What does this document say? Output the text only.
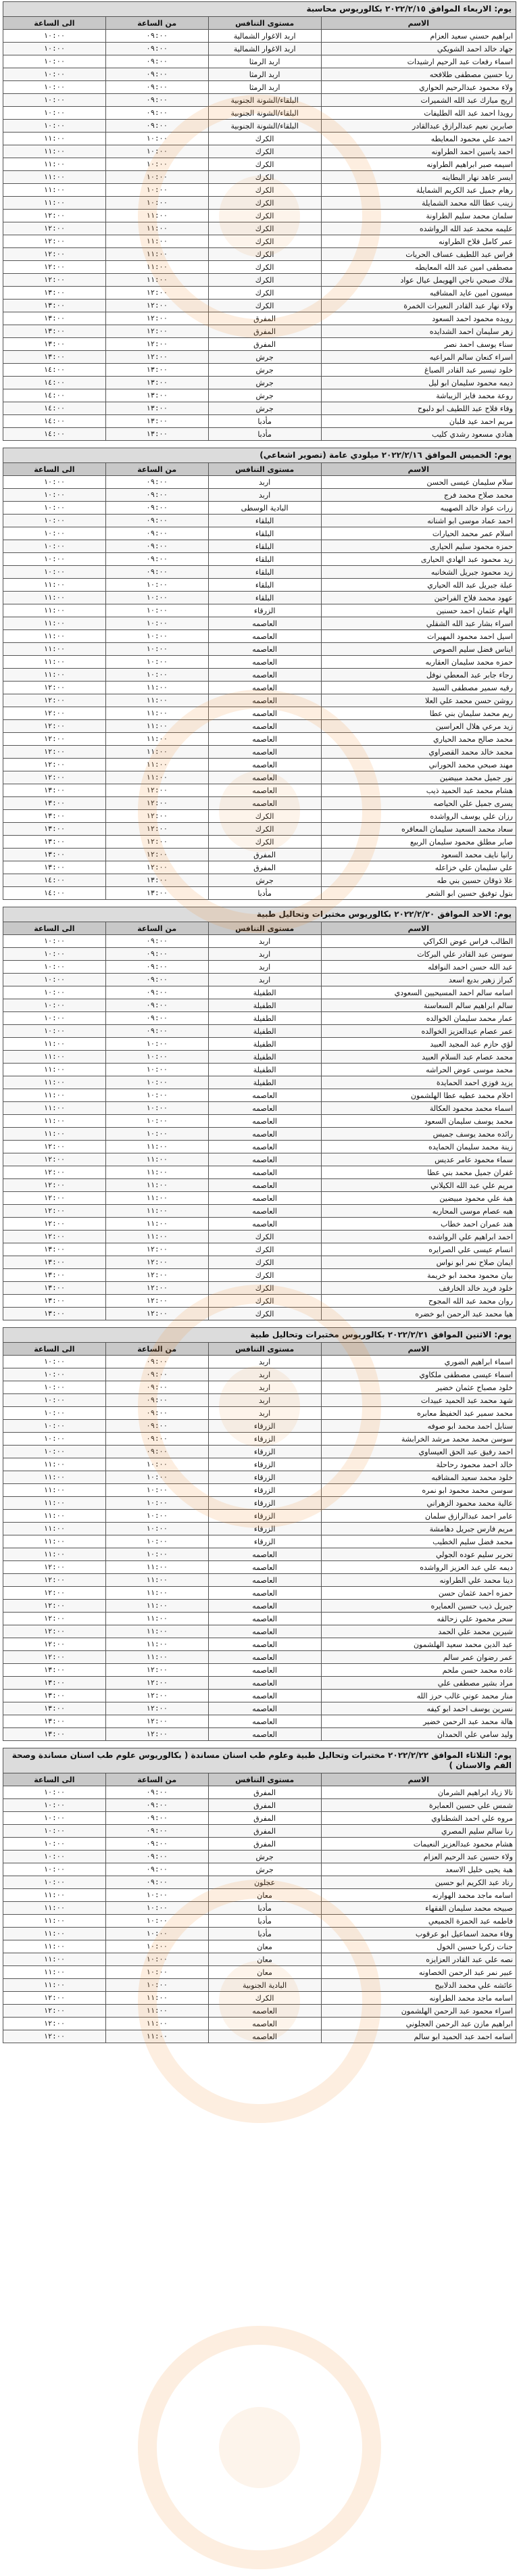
يوم: الاربعاء الموافق ٢٠٢٢/٢/١٥ بكالوريوس محاسبة
الاسم	مستوى التنافس	من الساعة	الى الساعة
ابراهيم حسني سعيد العزام	اربد الاغوار الشمالية	٠٩:٠٠	١٠:٠٠
جهاد خالد احمد الشويكي	اربد الاغوار الشمالية	٠٩:٠٠	١٠:٠٠
اسماء رفعات عبد الرحيم ارشيدات	اربد الرمثا	٠٩:٠٠	١٠:٠٠
ربا حسين مصطفى طلافحه	اربد الرمثا	٠٩:٠٠	١٠:٠٠
ولاء محمود عبدالرحيم الحواري	اربد الرمثا	٠٩:٠٠	١٠:٠٠
اريج مبارك عبد الله الشميرات	البلقاء/الشونة الجنوبية	٠٩:٠٠	١٠:٠٠
رويدا احمد عبد الله الطليفات	البلقاء/الشونة الجنوبية	٠٩:٠٠	١٠:٠٠
صابرين نعيم عبدالرازق عبدالقادر	البلقاء/الشونة الجنوبية	٠٩:٠٠	١٠:٠٠
احمد علي محمود المعايطه	الكرك	١٠:٠٠	١١:٠٠
احمد ياسين احمد الطراونه	الكرك	١٠:٠٠	١١:٠٠
اسيمه صبر ابراهيم الطراونه	الكرك	١٠:٠٠	١١:٠٠
ايسر عاهد نهار البطاينه	الكرك	١٠:٠٠	١١:٠٠
رهام جميل عبد الكريم الشمايلة	الكرك	١٠:٠٠	١١:٠٠
زينب عطا الله محمد الشمايلة	الكرك	١٠:٠٠	١١:٠٠
سلمان محمد سليم الطراونة	الكرك	١١:٠٠	١٢:٠٠
عليمه محمد عبد الله الرواشده	الكرك	١١:٠٠	١٢:٠٠
عمر كامل فلاح الطراونه	الكرك	١١:٠٠	١٢:٠٠
فراس عبد اللطيف عساف الحريات	الكرك	١١:٠٠	١٢:٠٠
مصطفى امين عبد الله المعايطه	الكرك	١١:٠٠	١٢:٠٠
ملاك صبحي ناجي الهويمل عيال عواد	الكرك	١١:٠٠	١٢:٠٠
ميسون امين عايد المشاقبه	الكرك	١٢:٠٠	١٣:٠٠
ولاء نهار عبد القادر النعيرات الخمرة	الكرك	١٢:٠٠	١٣:٠٠
رويده محمود احمد السعود	المفرق	١٢:٠٠	١٣:٠٠
زهر سليمان احمد الشدايده	المفرق	١٢:٠٠	١٣:٠٠
سناء يوسف احمد نصر	المفرق	١٢:٠٠	١٣:٠٠
اسراء كنعان سالم المراعيه	جرش	١٢:٠٠	١٣:٠٠
خلود تيسير عبد القادر الصباغ	جرش	١٣:٠٠	١٤:٠٠
ديمه محمود سليمان ابو ليل	جرش	١٣:٠٠	١٤:٠٠
روعة محمد فايز الزيباشة	جرش	١٣:٠٠	١٤:٠٠
وفاء فلاح عبد اللطيف ابو دلبوح	جرش	١٣:٠٠	١٤:٠٠
مريم احمد عيد قلبان	مأدبا	١٣:٠٠	١٤:٠٠
هنادي مسعود رشدي كليب	مأدبا	١٣:٠٠	١٤:٠٠
يوم: الخميس الموافق ٢٠٢٢/٢/١٦ ميلودي عامة (تصوير اشعاعي)
الاسم	مستوى التنافس	من الساعة	الى الساعة
سلام سليمان عيسى الحسن	اربد	٠٩:٠٠	١٠:٠٠
محمد صلاح محمد فرج	اربد	٠٩:٠٠	١٠:٠٠
زرات عواد خالد الصهيبه	البادية الوسطى	٠٩:٠٠	١٠:٠٠
احمد عماد موسى ابو اشنانه	البلقاء	٠٩:٠٠	١٠:٠٠
اسلام عمر محمد الحيارات	البلقاء	٠٩:٠٠	١٠:٠٠
حمزه محمود سليم الحيارى	البلقاء	٠٩:٠٠	١٠:٠٠
زيد محمود عبد الهادي الحيارى	البلقاء	٠٩:٠٠	١٠:٠٠
زيد محمود جبريل الشخانبه	البلقاء	٠٩:٠٠	١٠:٠٠
عبلة جبريل عبد الله الحياري	البلقاء	١٠:٠٠	١١:٠٠
عهود محمد فلاح الفراحين	البلقاء	١٠:٠٠	١١:٠٠
الهام عثمان احمد حسنين	الزرقاء	١٠:٠٠	١١:٠٠
اسراء بشار عبد الله الشقلي	العاصمه	١٠:٠٠	١١:٠٠
اسيل احمد محمود المهيرات	العاصمه	١٠:٠٠	١١:٠٠
ايناس فضل سليم الصوص	العاصمه	١٠:٠٠	١١:٠٠
حمزه محمد سليمان العقاربه	العاصمه	١٠:٠٠	١١:٠٠
رجاء جابر عبد المعطي نوفل	العاصمه	١٠:٠٠	١١:٠٠
رقيه سمير مصطفى السيد	العاصمه	١١:٠٠	١٢:٠٠
روشن حسن محمد علي العلا	العاصمه	١١:٠٠	١٢:٠٠
ريم محمد سليمان بني عطا	العاصمه	١١:٠٠	١٢:٠٠
زيد مرعي هلال العراسين	العاصمه	١١:٠٠	١٢:٠٠
محمد صالح محمد الحياري	العاصمه	١١:٠٠	١٢:٠٠
محمد خالد محمد القصراوي	العاصمه	١١:٠٠	١٢:٠٠
مهند صبحي محمد الحوراني	العاصمه	١١:٠٠	١٢:٠٠
نور جميل محمد مبيضين	العاصمه	١١:٠٠	١٢:٠٠
هشام محمد عبد الحميد ذيب	العاصمه	١٢:٠٠	١٣:٠٠
يسرى جميل علي الحياصه	العاصمه	١٢:٠٠	١٣:٠٠
رزان علي يوسف الرواشده	الكرك	١٢:٠٠	١٣:٠٠
سعاد محمد السعيد سليمان المعاقره	الكرك	١٢:٠٠	١٣:٠٠
صابر مطلق محمود سليمان الربيع	الكرك	١٢:٠٠	١٣:٠٠
رانيا نايف محمد السعود	المفرق	١٢:٠٠	١٣:٠٠
علي سليمان علي خزاعله	المفرق	١٢:٠٠	١٣:٠٠
علا ذوقان حسين بني طه	جرش	١٣:٠٠	١٤:٠٠
بتول توفيق حسين ابو الشعر	مأدبا	١٣:٠٠	١٤:٠٠
يوم: الاحد الموافق ٢٠٢٢/٢/٢٠ بكالوريوس مختبرات وتحاليل طبية
الاسم	مستوى التنافس	من الساعة	الى الساعة
الطالب فراس عوض الكراكي	اربد	٠٩:٠٠	١٠:٠٠
سوسن عبد القادر علي البركات	اربد	٠٩:٠٠	١٠:٠٠
عبد الله حسن احمد النوافله	اربد	٠٩:٠٠	١٠:٠٠
كبراز زهير بديع اسعد	اربد	٠٩:٠٠	١٠:٠٠
اسامه سالم احمد المسيحيين السعودي	الطفيلة	٠٩:٠٠	١٠:٠٠
سالم ابراهيم سالم السعاسنة	الطفيلة	٠٩:٠٠	١٠:٠٠
عمار محمد سليمان الخوالده	الطفيلة	٠٩:٠٠	١٠:٠٠
عمر عصام عبدالعزيز الخوالده	الطفيلة	٠٩:٠٠	١٠:٠٠
لؤي حازم عبد المجيد العبيد	الطفيلة	١٠:٠٠	١١:٠٠
محمد عصام عبد السلام العبيد	الطفيلة	١٠:٠٠	١١:٠٠
محمد موسى عوض الحراشه	الطفيلة	١٠:٠٠	١١:٠٠
يزيد فوزي احمد الحمايدة	الطفيلة	١٠:٠٠	١١:٠٠
احلام محمد عطيه عطا الهلشمون	العاصمه	١٠:٠٠	١١:٠٠
اسماء محمد محمود العكالة	العاصمه	١٠:٠٠	١١:٠٠
محمد يوسف سليمان السعود	العاصمه	١٠:٠٠	١١:٠٠
رائده محمد يوسف جميس	العاصمه	١٠:٠٠	١١:٠٠
زينة محمد سليمان الحمايده	العاصمه	١١:٠٠	١٢:٠٠
سماء محمود عامر عديس	العاصمه	١١:٠٠	١٢:٠٠
غفران جميل محمد بني عطا	العاصمه	١١:٠٠	١٢:٠٠
مريم علي عبد الله الكيلاني	العاصمه	١١:٠٠	١٢:٠٠
هبة علي محمود مبيضين	العاصمه	١١:٠٠	١٢:٠٠
هبه عصام موسى المحاربه	العاصمه	١١:٠٠	١٢:٠٠
هند عمران احمد خطاب	العاصمه	١١:٠٠	١٢:٠٠
احمد ابراهيم علي الرواشده	الكرك	١١:٠٠	١٢:٠٠
انسام عيسى علي الصرايره	الكرك	١٢:٠٠	١٣:٠٠
ايمان صلاح نمر ابو نواس	الكرك	١٢:٠٠	١٣:٠٠
بيان محمود محمد ابو خريمة	الكرك	١٢:٠٠	١٣:٠٠
خلود فريد خالد الخارفف	الكرك	١٢:٠٠	١٣:٠٠
روان محمد عبد الله المجوح	الكرك	١٢:٠٠	١٣:٠٠
هيا محمد عبد الرحمن ابو خضره	الكرك	١٢:٠٠	١٣:٠٠
يوم: الاثنين الموافق ٢٠٢٢/٢/٢١ بكالوريوس مختبرات وتحاليل طبية
الاسم	مستوى التنافس	من الساعة	الى الساعة
اسماء ابراهيم الضوري	اربد	٠٩:٠٠	١٠:٠٠
اسماء عيسى مصطفى ملكاوي	اربد	٠٩:٠٠	١٠:٠٠
خلود مصباح عثمان خضير	اربد	٠٩:٠٠	١٠:٠٠
شهد محمد عبد الحميد عبيدات	اربد	٠٩:٠٠	١٠:٠٠
محمد سمير عبد الحفيظ معابره	اربد	٠٩:٠٠	١٠:٠٠
سنابل احمد محمد ابو صوفه	الزرقاء	٠٩:٠٠	١٠:٠٠
سوسن محمد محمد مرشد الخرابشة	الزرقاء	٠٩:٠٠	١٠:٠٠
احمد رفيق عبد الحق العيساوي	الزرقاء	٠٩:٠٠	١٠:٠٠
خالد احمد محمود رحاحلة	الزرقاء	١٠:٠٠	١١:٠٠
خلود محمد سعيد المشاقبه	الزرقاء	١٠:٠٠	١١:٠٠
سوسن محمد محمود ابو نمره	الزرقاء	١٠:٠٠	١١:٠٠
عالية محمد محمود الزهراني	الزرقاء	١٠:٠٠	١١:٠٠
عامر احمد عبدالرازق سلمان	الزرقاء	١٠:٠٠	١١:٠٠
مريم فارس جبريل دهامشة	الزرقاء	١٠:٠٠	١١:٠٠
محمد فضل سليم الخطيب	الزرقاء	١٠:٠٠	١١:٠٠
تحرير سليم عوده الجولي	العاصمه	١٠:٠٠	١١:٠٠
ديمه علي عبد العزيز الرواشده	العاصمه	١١:٠٠	١٢:٠٠
دينا محمد علي الطراونه	العاصمه	١١:٠٠	١٢:٠٠
حمزه احمد عثمان حسن	العاصمه	١١:٠٠	١٢:٠٠
جبريل ذيب حسين العمايره	العاصمه	١١:٠٠	١٢:٠٠
سحر محمود علي زحالقه	العاصمه	١١:٠٠	١٢:٠٠
شيرين محمد علي الحمد	العاصمه	١١:٠٠	١٢:٠٠
عبد الدين محمد سعيد الهلشمون	العاصمه	١١:٠٠	١٢:٠٠
عمر رضوان عمر سالم	العاصمه	١١:٠٠	١٢:٠٠
غاده محمد حسن ملحم	العاصمه	١٢:٠٠	١٣:٠٠
مراد بشير مصطفى علي	العاصمه	١٢:٠٠	١٣:٠٠
منار محمد عوني غالب حرز الله	العاصمه	١٢:٠٠	١٣:٠٠
نسرين يوسف احمد ابو كيفه	العاصمه	١٢:٠٠	١٣:٠٠
هالة محمد عبد الرحمن خضير	العاصمه	١٢:٠٠	١٣:٠٠
وليد سامي علي الحمدان	العاصمه	١٢:٠٠	١٣:٠٠
يوم: الثلاثاء الموافق ٢٠٢٢/٢/٢٢ مختبرات وتحاليل طبية وعلوم طب اسنان مساندة ( بكالوريوس علوم طب اسنان مساندة وصحة الفم والاسنان )
الاسم	مستوى التنافس	من الساعة	الى الساعة
تالا زياد ابراهيم الشرمان	المفرق	٠٩:٠٠	١٠:٠٠
شمس علي حسين العمايرة	المفرق	٠٩:٠٠	١٠:٠٠
مروه علي احمد الشطناوي	المفرق	٠٩:٠٠	١٠:٠٠
رنا سالم سليم المصري	المفرق	٠٩:٠٠	١٠:٠٠
هشام محمود عبدالعزيز النعيمات	المفرق	٠٩:٠٠	١٠:٠٠
ولاء حسين عبد الرحيم العزام	جرش	٠٩:٠٠	١٠:٠٠
هبة يحيى خليل الاسعد	جرش	٠٩:٠٠	١٠:٠٠
رناد عبد الكريم ابو حسين	عجلون	٠٩:٠٠	١٠:٠٠
اسامه ماجد محمد الهوارنه	معان	١٠:٠٠	١١:٠٠
صبيحه محمد سليمان الفقهاء	مأدبا	١٠:٠٠	١١:٠٠
فاطمه عبد الحمزة الجميعي	مأدبا	١٠:٠٠	١١:٠٠
وفاء محمد اسماعيل ابو عرقوب	مأدبا	١٠:٠٠	١١:٠٠
جنات زكريا حسين الخول	معان	١٠:٠٠	١١:٠٠
نصه علي عبد القادر العزايزه	معان	١٠:٠٠	١١:٠٠
عبير نمر عبد الرحمن الخصاونه	معان	١٠:٠٠	١١:٠٠
عائشه علي محمد الدلابيح	البادية الجنوبية	١٠:٠٠	١١:٠٠
اسامه ماجد محمد الطراونه	الكرك	١١:٠٠	١٢:٠٠
اسراء محمود عبد الرحمن الهلشمون	العاصمه	١١:٠٠	١٢:٠٠
ابراهيم مازن عبد الرحمن العجلوني	العاصمه	١١:٠٠	١٢:٠٠
اسامه احمد عبد الحميد ابو سالم	العاصمه	١١:٠٠	١٢:٠٠
